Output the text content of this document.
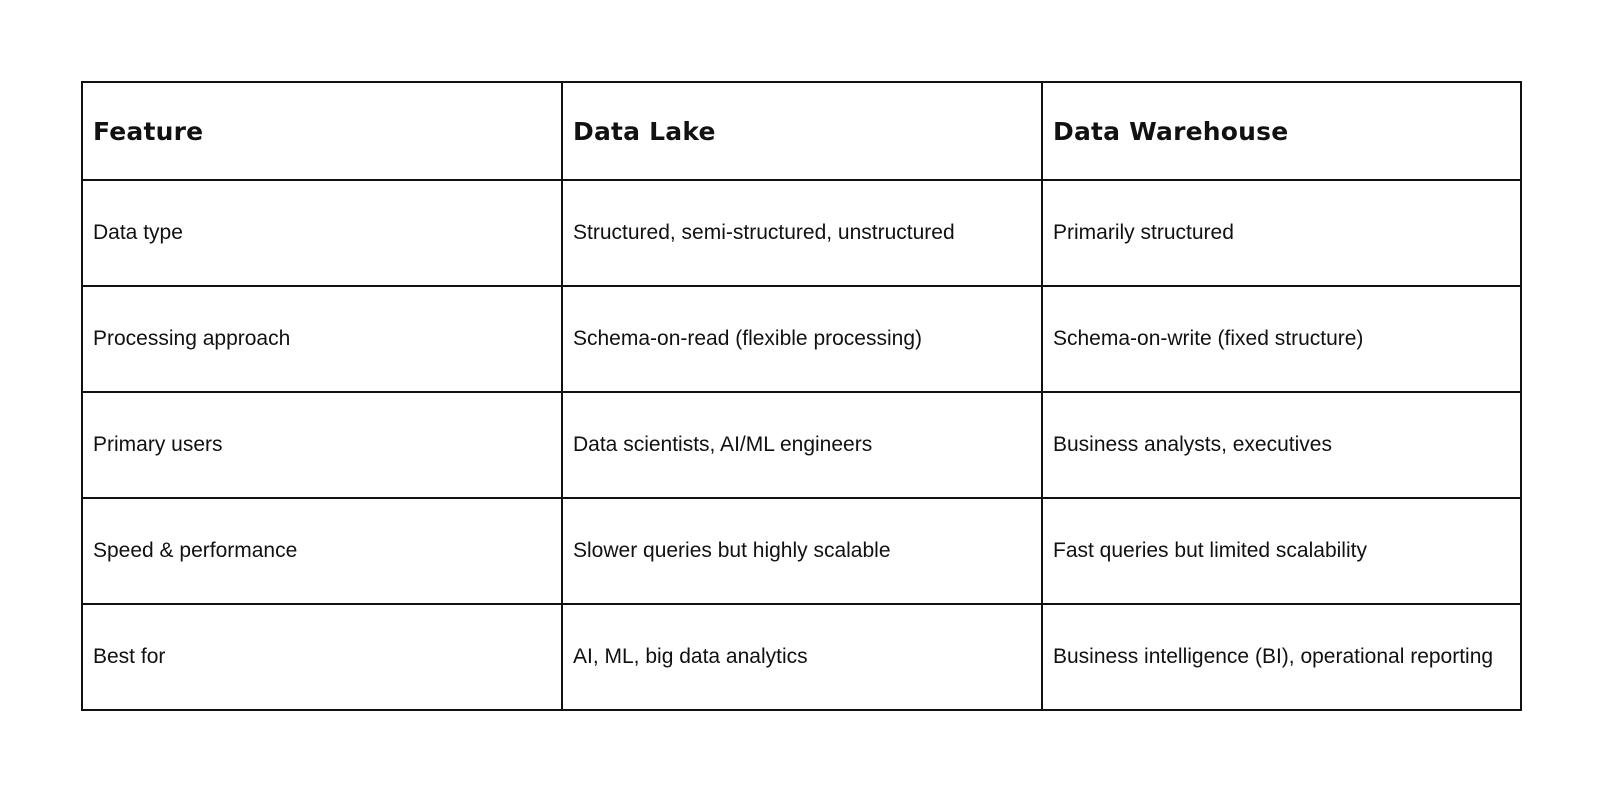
Feature	Data Lake	Data Warehouse
Data type	Structured, semi-structured, unstructured	Primarily structured
Processing approach	Schema-on-read (flexible processing)	Schema-on-write (fixed structure)
Primary users	Data scientists, AI/ML engineers	Business analysts, executives
Speed & performance	Slower queries but highly scalable	Fast queries but limited scalability
Best for	AI, ML, big data analytics	Business intelligence (BI), operational reporting
